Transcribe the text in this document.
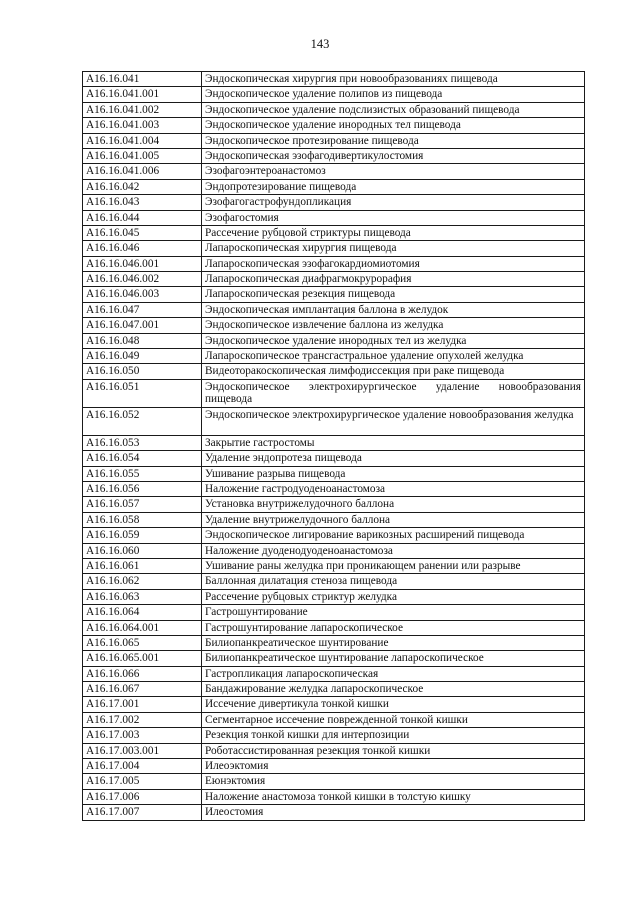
143
A16.16.041	Эндоскопическая хирургия при новообразованиях пищевода
A16.16.041.001	Эндоскопическое удаление полипов из пищевода
A16.16.041.002	Эндоскопическое удаление подслизистых образований пищевода
A16.16.041.003	Эндоскопическое удаление инородных тел пищевода
A16.16.041.004	Эндоскопическое протезирование пищевода
A16.16.041.005	Эндоскопическая эзофагодивертикулостомия
A16.16.041.006	Эзофагоэнтероанастомоз
A16.16.042	Эндопротезирование пищевода
A16.16.043	Эзофагогастрофундопликация
A16.16.044	Эзофагостомия
A16.16.045	Рассечение рубцовой стриктуры пищевода
A16.16.046	Лапароскопическая хирургия пищевода
A16.16.046.001	Лапароскопическая эзофагокардиомиотомия
A16.16.046.002	Лапароскопическая диафрагмокрурорафия
A16.16.046.003	Лапароскопическая резекция пищевода
A16.16.047	Эндоскопическая имплантация баллона в желудок
A16.16.047.001	Эндоскопическое извлечение баллона из желудка
A16.16.048	Эндоскопическое удаление инородных тел из желудка
A16.16.049	Лапароскопическое трансгастральное удаление опухолей желудка
A16.16.050	Видеоторакоскопическая лимфодиссекция при раке пищевода
A16.16.051	Эндоскопическое электрохирургическое удаление новообразования пищевода
A16.16.052	Эндоскопическое электрохирургическое удаление новообразования желудка
A16.16.053	Закрытие гастростомы
A16.16.054	Удаление эндопротеза пищевода
A16.16.055	Ушивание разрыва пищевода
A16.16.056	Наложение гастродуоденоанастомоза
A16.16.057	Установка внутрижелудочного баллона
A16.16.058	Удаление внутрижелудочного баллона
A16.16.059	Эндоскопическое лигирование варикозных расширений пищевода
A16.16.060	Наложение дуоденодуоденоанастомоза
A16.16.061	Ушивание раны желудка при проникающем ранении или разрыве
A16.16.062	Баллонная дилатация стеноза пищевода
A16.16.063	Рассечение рубцовых стриктур желудка
A16.16.064	Гастрошунтирование
A16.16.064.001	Гастрошунтирование лапароскопическое
A16.16.065	Билиопанкреатическое шунтирование
A16.16.065.001	Билиопанкреатическое шунтирование лапароскопическое
A16.16.066	Гастропликация лапароскопическая
A16.16.067	Бандажирование желудка лапароскопическое
A16.17.001	Иссечение дивертикула тонкой кишки
A16.17.002	Сегментарное иссечение поврежденной тонкой кишки
A16.17.003	Резекция тонкой кишки для интерпозиции
A16.17.003.001	Роботассистированная резекция тонкой кишки
A16.17.004	Илеоэктомия
A16.17.005	Еюнэктомия
A16.17.006	Наложение анастомоза тонкой кишки в толстую кишку
A16.17.007	Илеостомия
